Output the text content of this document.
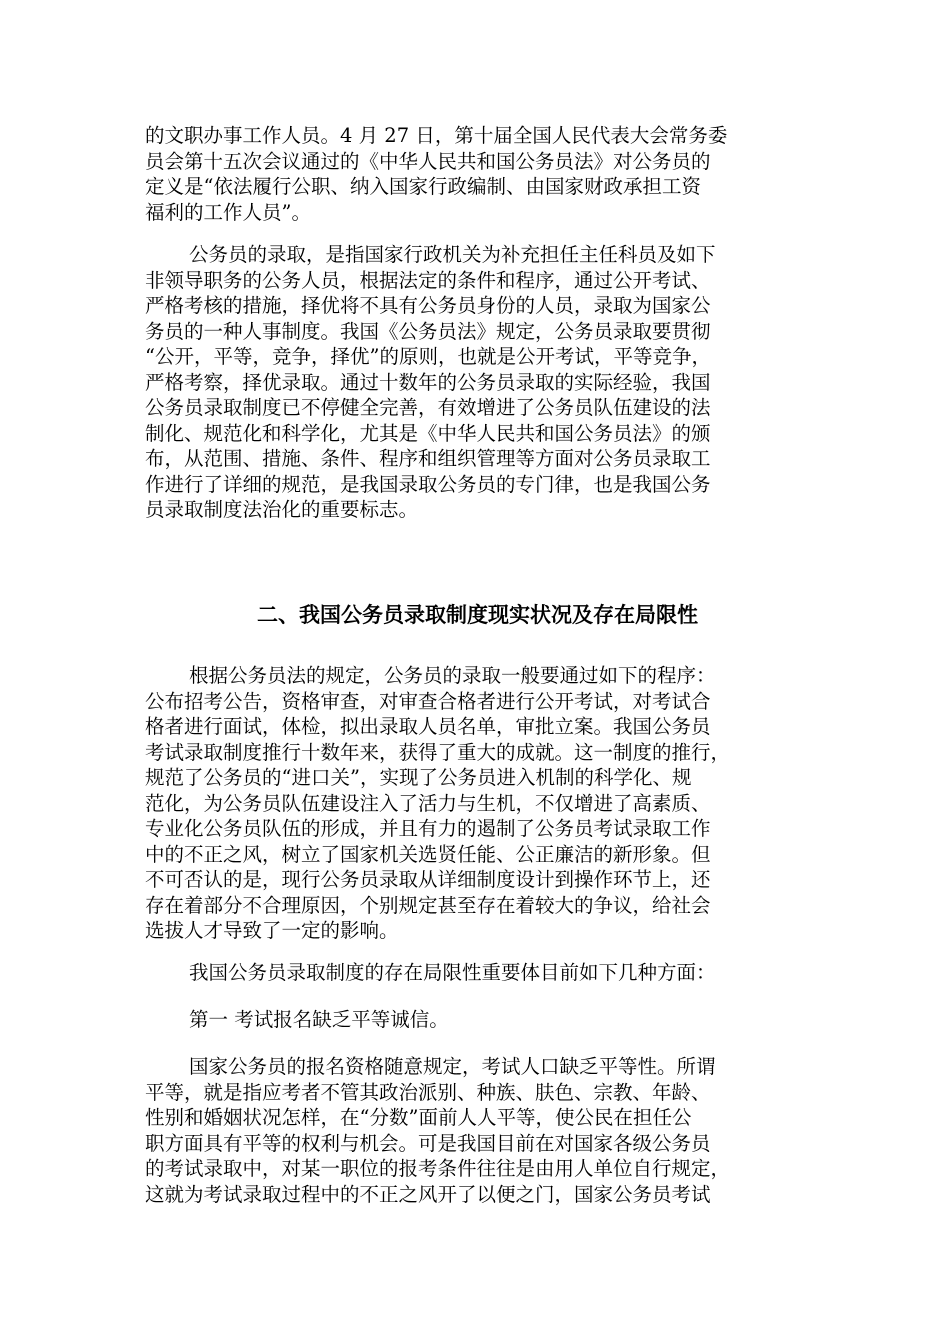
的文职办事工作人员。4 月 27 日，第十届全国人民代表大会常务委
员会第十五次会议通过的《中华人民共和国公务员法》对公务员的
定义是“依法履行公职、纳入国家行政编制、由国家财政承担工资
福利的工作人员”。
公务员的录取，是指国家行政机关为补充担任主任科员及如下
非领导职务的公务人员，根据法定的条件和程序，通过公开考试、
严格考核的措施，择优将不具有公务员身份的人员，录取为国家公
务员的一种人事制度。我国《公务员法》规定，公务员录取要贯彻
“公开，平等，竞争，择优”的原则，也就是公开考试，平等竞争，
严格考察，择优录取。通过十数年的公务员录取的实际经验，我国
公务员录取制度已不停健全完善，有效增进了公务员队伍建设的法
制化、规范化和科学化，尤其是《中华人民共和国公务员法》的颁
布，从范围、措施、条件、程序和组织管理等方面对公务员录取工
作进行了详细的规范，是我国录取公务员的专门律，也是我国公务
员录取制度法治化的重要标志。
二、我国公务员录取制度现实状况及存在局限性
根据公务员法的规定，公务员的录取一般要通过如下的程序：
公布招考公告，资格审查，对审查合格者进行公开考试，对考试合
格者进行面试，体检，拟出录取人员名单，审批立案。我国公务员
考试录取制度推行十数年来，获得了重大的成就。这一制度的推行，
规范了公务员的“进口关”，实现了公务员进入机制的科学化、规
范化，为公务员队伍建设注入了活力与生机，不仅增进了高素质、
专业化公务员队伍的形成，并且有力的遏制了公务员考试录取工作
中的不正之风，树立了国家机关选贤任能、公正廉洁的新形象。但
不可否认的是，现行公务员录取从详细制度设计到操作环节上，还
存在着部分不合理原因，个别规定甚至存在着较大的争议，给社会
选拔人才导致了一定的影响。
我国公务员录取制度的存在局限性重要体目前如下几种方面：
第一 考试报名缺乏平等诚信。
国家公务员的报名资格随意规定，考试人口缺乏平等性。所谓
平等，就是指应考者不管其政治派别、种族、肤色、宗教、年龄、
性别和婚姻状况怎样，在“分数”面前人人平等，使公民在担任公
职方面具有平等的权利与机会。可是我国目前在对国家各级公务员
的考试录取中，对某一职位的报考条件往往是由用人单位自行规定，
这就为考试录取过程中的不正之风开了以便之门，国家公务员考试
